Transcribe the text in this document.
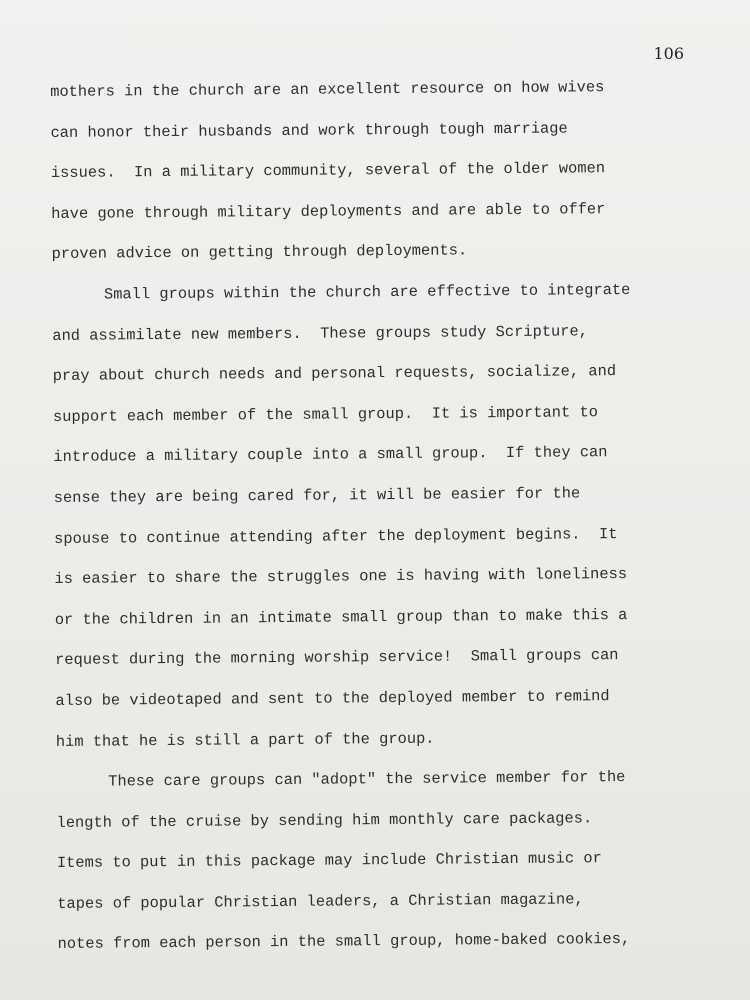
106
mothers in the church are an excellent resource on how wives
can honor their husbands and work through tough marriage
issues.  In a military community, several of the older women
have gone through military deployments and are able to offer
proven advice on getting through deployments.
Small groups within the church are effective to integrate
and assimilate new members.  These groups study Scripture,
pray about church needs and personal requests, socialize, and
support each member of the small group.  It is important to
introduce a military couple into a small group.  If they can
sense they are being cared for, it will be easier for the
spouse to continue attending after the deployment begins.  It
is easier to share the struggles one is having with loneliness
or the children in an intimate small group than to make this a
request during the morning worship service!  Small groups can
also be videotaped and sent to the deployed member to remind
him that he is still a part of the group.
These care groups can "adopt" the service member for the
length of the cruise by sending him monthly care packages.
Items to put in this package may include Christian music or
tapes of popular Christian leaders, a Christian magazine,
notes from each person in the small group, home-baked cookies,
